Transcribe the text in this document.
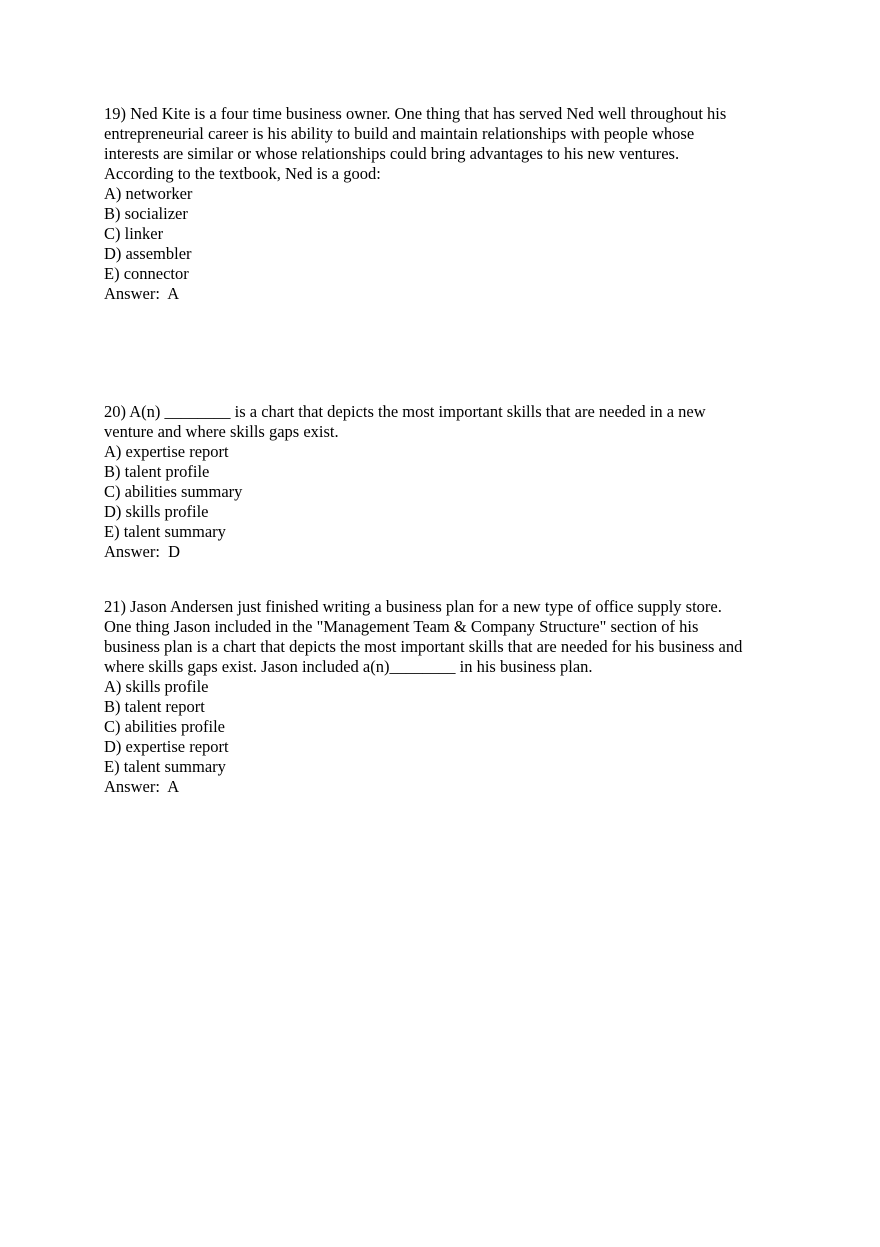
19) Ned Kite is a four time business owner. One thing that has served Ned well throughout his
entrepreneurial career is his ability to build and maintain relationships with people whose
interests are similar or whose relationships could bring advantages to his new ventures.
According to the textbook, Ned is a good:
A) networker
B) socializer
C) linker
D) assembler
E) connector
Answer:  A
20) A(n) ________ is a chart that depicts the most important skills that are needed in a new
venture and where skills gaps exist.
A) expertise report
B) talent profile
C) abilities summary
D) skills profile
E) talent summary
Answer:  D
21) Jason Andersen just finished writing a business plan for a new type of office supply store.
One thing Jason included in the "Management Team & Company Structure" section of his
business plan is a chart that depicts the most important skills that are needed for his business and
where skills gaps exist. Jason included a(n)________ in his business plan.
A) skills profile
B) talent report
C) abilities profile
D) expertise report
E) talent summary
Answer:  A
